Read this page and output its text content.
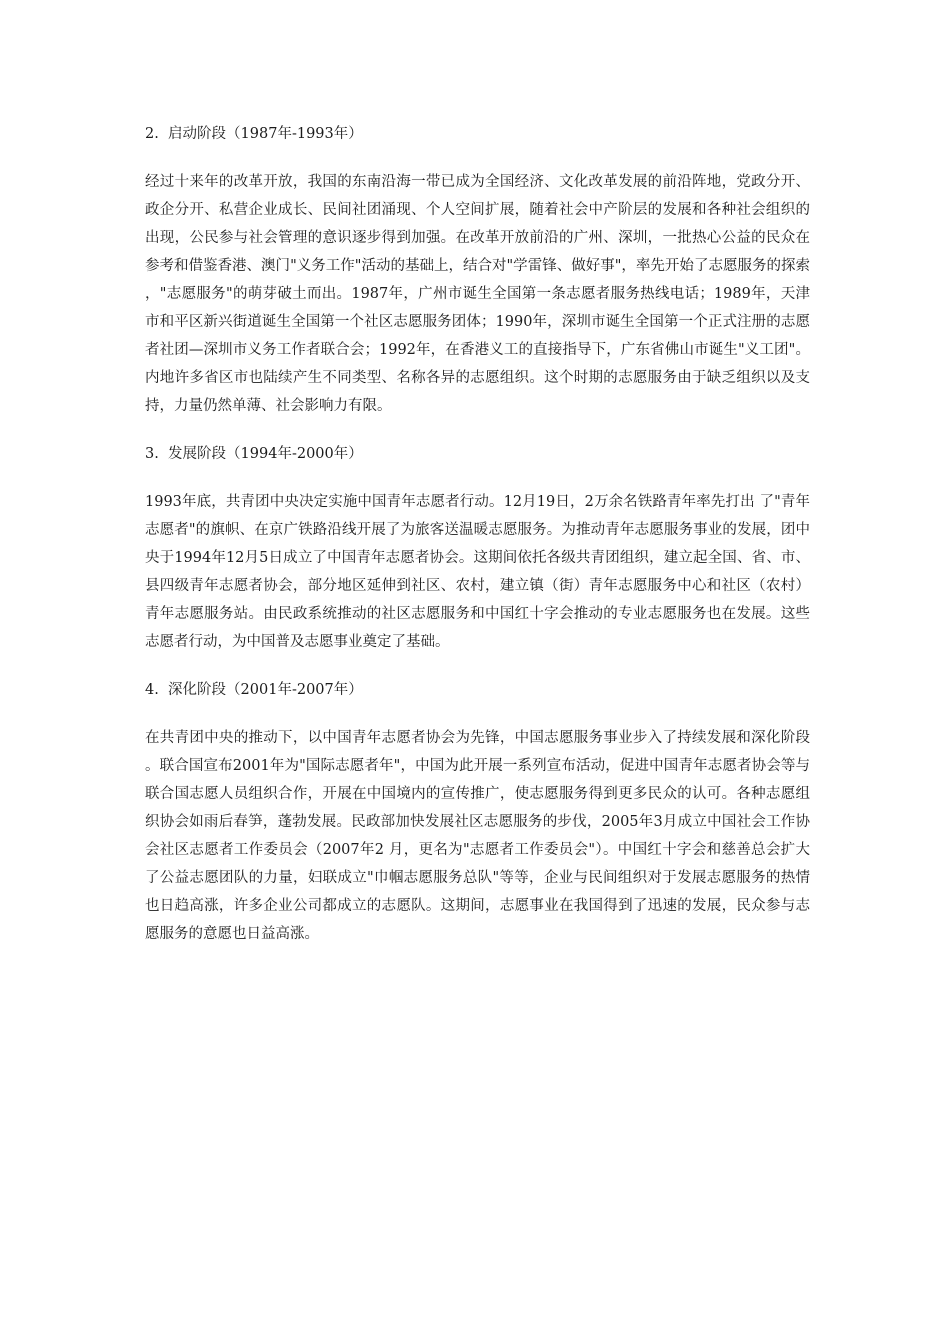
2.  启动阶段（1987年-1993年）

经过十来年的改革开放，我国的东南沿海一带已成为全国经济、文化改革发展的前沿阵地，党政分开、政企分开、私营企业成长、民间社团涌现、个人空间扩展，随着社会中产阶层的发展和各种社会组织的出现，公民参与社会管理的意识逐步得到加强。在改革开放前沿的广州、深圳，一批热心公益的民众在参考和借鉴香港、澳门"义务工作"活动的基础上，结合对"学雷锋、做好事"，率先开始了志愿服务的探索，"志愿服务"的萌芽破土而出。1987年，广州市诞生全国第一条志愿者服务热线电话；1989年，天津市和平区新兴街道诞生全国第一个社区志愿服务团体；1990年，深圳市诞生全国第一个正式注册的志愿者社团—深圳市义务工作者联合会；1992年，在香港义工的直接指导下，广东省佛山市诞生"义工团"。内地许多省区市也陆续产生不同类型、名称各异的志愿组织。这个时期的志愿服务由于缺乏组织以及支持，力量仍然单薄、社会影响力有限。

3.  发展阶段（1994年-2000年）

1993年底，共青团中央决定实施中国青年志愿者行动。12月19日，2万余名铁路青年率先打出 了"青年志愿者"的旗帜、在京广铁路沿线开展了为旅客送温暖志愿服务。为推动青年志愿服务事业的发展，团中央于1994年12月5日成立了中国青年志愿者协会。这期间依托各级共青团组织，建立起全国、省、市、县四级青年志愿者协会，部分地区延伸到社区、农村，建立镇（街）青年志愿服务中心和社区（农村）青年志愿服务站。由民政系统推动的社区志愿服务和中国红十字会推动的专业志愿服务也在发展。这些志愿者行动，为中国普及志愿事业奠定了基础。

4.  深化阶段（2001年-2007年）

在共青团中央的推动下，以中国青年志愿者协会为先锋，中国志愿服务事业步入了持续发展和深化阶段。联合国宣布2001年为"国际志愿者年"，中国为此开展一系列宣布活动，促进中国青年志愿者协会等与联合国志愿人员组织合作，开展在中国境内的宣传推广，使志愿服务得到更多民众的认可。各种志愿组织协会如雨后春笋，蓬勃发展。民政部加快发展社区志愿服务的步伐，2005年3月成立中国社会工作协会社区志愿者工作委员会（2007年2 月，更名为"志愿者工作委员会"）。中国红十字会和慈善总会扩大了公益志愿团队的力量，妇联成立"巾帼志愿服务总队"等等，企业与民间组织对于发展志愿服务的热情也日趋高涨，许多企业公司都成立的志愿队。这期间，志愿事业在我国得到了迅速的发展，民众参与志愿服务的意愿也日益高涨。
